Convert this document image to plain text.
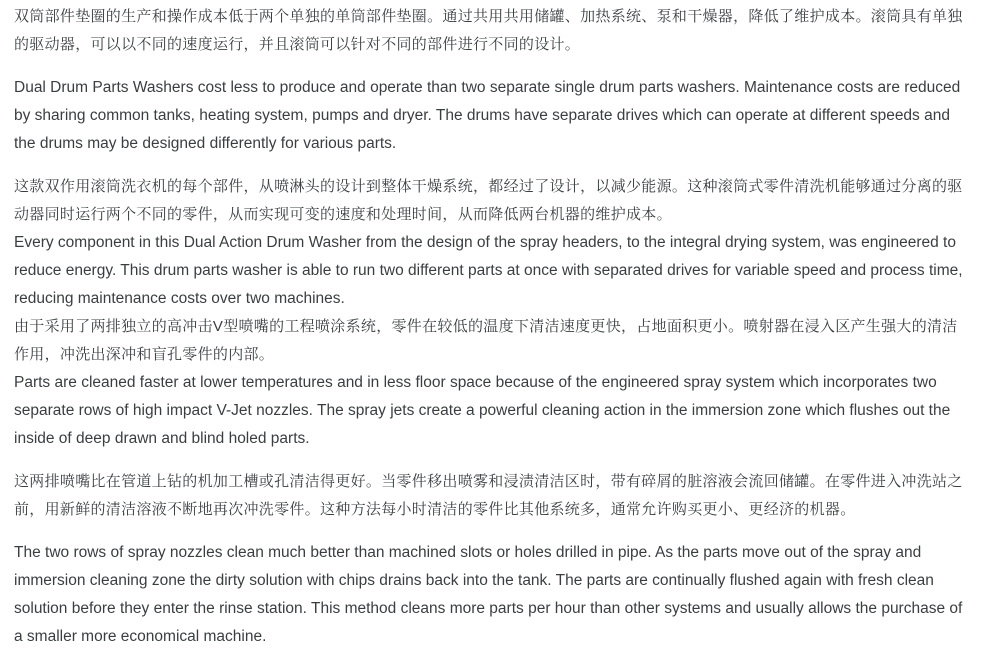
双筒部件垫圈的生产和操作成本低于两个单独的单筒部件垫圈。通过共用共用储罐、加热系统、泵和干燥器，降低了维护成本。滚筒具有单独的驱动器，可以以不同的速度运行，并且滚筒可以针对不同的部件进行不同的设计。

Dual Drum Parts Washers cost less to produce and operate than two separate single drum parts washers. Maintenance costs are reduced by sharing common tanks, heating system, pumps and dryer. The drums have separate drives which can operate at different speeds and the drums may be designed differently for various parts.

这款双作用滚筒洗衣机的每个部件，从喷淋头的设计到整体干燥系统，都经过了设计，以减少能源。这种滚筒式零件清洗机能够通过分离的驱动器同时运行两个不同的零件，从而实现可变的速度和处理时间，从而降低两台机器的维护成本。

Every component in this Dual Action Drum Washer from the design of the spray headers, to the integral drying system, was engineered to reduce energy. This drum parts washer is able to run two different parts at once with separated drives for variable speed and process time, reducing maintenance costs over two machines.

由于采用了两排独立的高冲击V型喷嘴的工程喷涂系统，零件在较低的温度下清洁速度更快，占地面积更小。喷射器在浸入区产生强大的清洁作用，冲洗出深冲和盲孔零件的内部。

Parts are cleaned faster at lower temperatures and in less floor space because of the engineered spray system which incorporates two separate rows of high impact V-Jet nozzles. The spray jets create a powerful cleaning action in the immersion zone which flushes out the inside of deep drawn and blind holed parts.

这两排喷嘴比在管道上钻的机加工槽或孔清洁得更好。当零件移出喷雾和浸渍清洁区时，带有碎屑的脏溶液会流回储罐。在零件进入冲洗站之前，用新鲜的清洁溶液不断地再次冲洗零件。这种方法每小时清洁的零件比其他系统多，通常允许购买更小、更经济的机器。

The two rows of spray nozzles clean much better than machined slots or holes drilled in pipe. As the parts move out of the spray and immersion cleaning zone the dirty solution with chips drains back into the tank. The parts are continually flushed again with fresh clean solution before they enter the rinse station. This method cleans more parts per hour than other systems and usually allows the purchase of a smaller more economical machine.
